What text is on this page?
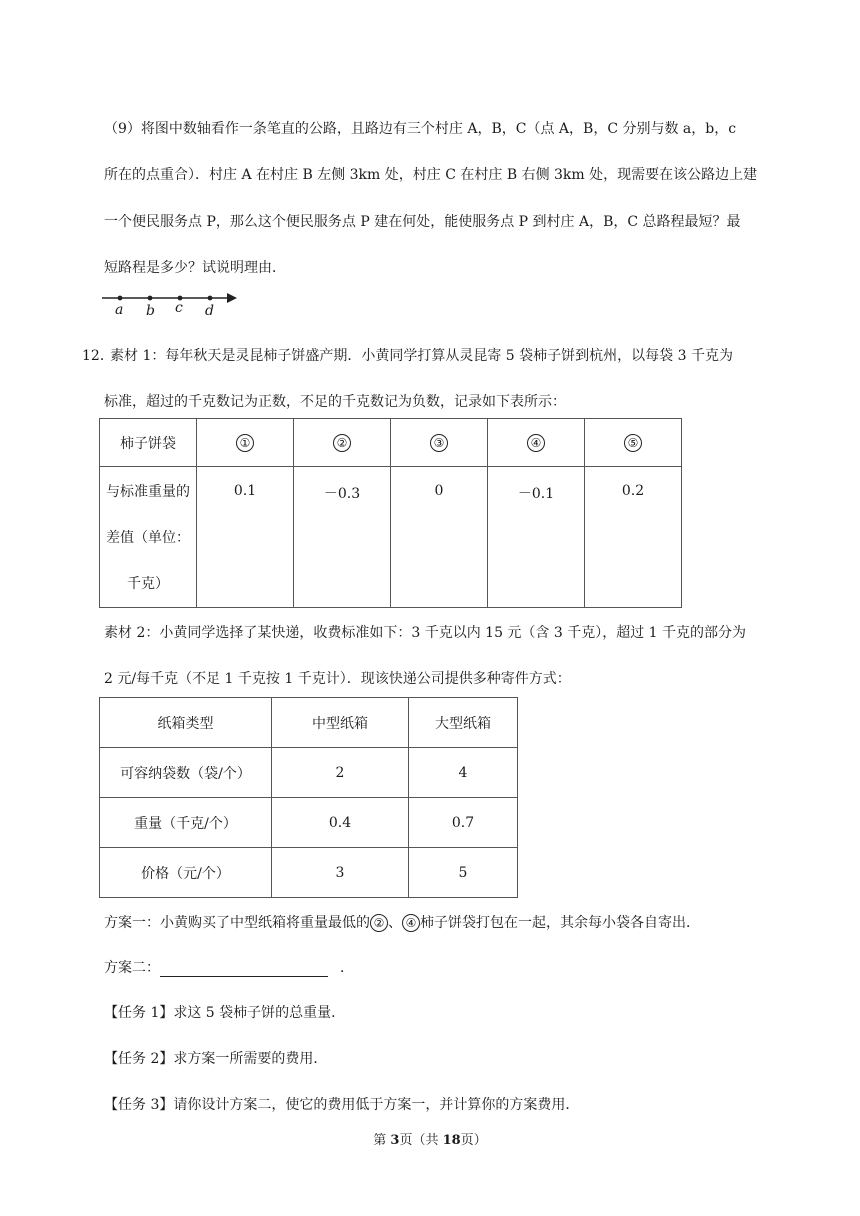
（9）将图中数轴看作一条笔直的公路，且路边有三个村庄 A，B，C（点 A，B，C 分别与数 a，b，c
所在的点重合）．村庄 A 在村庄 B 左侧 3km 处，村庄 C 在村庄 B 右侧 3km 处，现需要在该公路边上建
一个便民服务点 P，那么这个便民服务点 P 建在何处，能使服务点 P 到村庄 A，B，C 总路程最短？最
短路程是多少？试说明理由．
a b c d
12．
素材 1：每年秋天是灵昆柿子饼盛产期．小黄同学打算从灵昆寄 5 袋柿子饼到杭州，以每袋 3 千克为
标准，超过的千克数记为正数，不足的千克数记为负数，记录如下表所示：
柿子饼袋	①	②	③	④	⑤

与标准重量的
差值（单位：
千克）	0.1	－0.3	0	－0.1	0.2
素材 2：小黄同学选择了某快递，收费标准如下：3 千克以内 15 元（含 3 千克），超过 1 千克的部分为
2 元/每千克（不足 1 千克按 1 千克计）．现该快递公司提供多种寄件方式：
纸箱类型	中型纸箱	大型纸箱
可容纳袋数（袋/个）	2	4
重量（千克/个）	0.4	0.7
价格（元/个）	3	5
方案一：小黄购买了中型纸箱将重量最低的 ② 、 ④ 柿子饼袋打包在一起，其余每小袋各自寄出．
方案二：	．
【任务 1】求这 5 袋柿子饼的总重量．
【任务 2】求方案一所需要的费用．
【任务 3】请你设计方案二，使它的费用低于方案一，并计算你的方案费用．
第 3页（共 18页）
